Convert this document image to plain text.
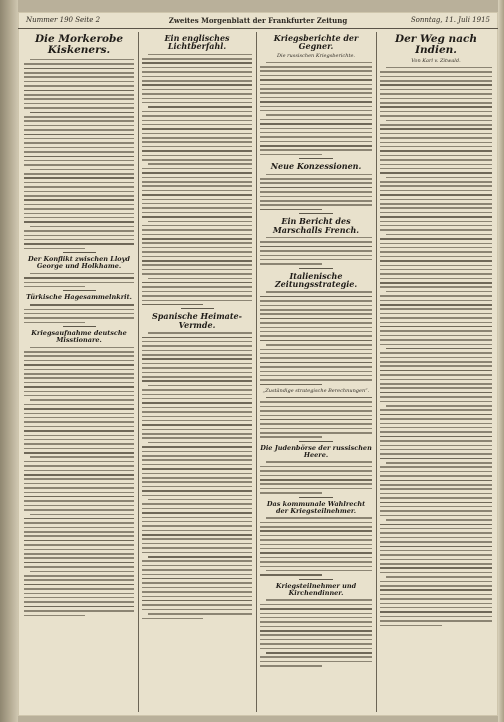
Nummer 190 Seite 2	Zweites Morgenblatt der Frankfurter Zeitung	Sonntag, 11. Juli 1915
Die Morkerobe Kiskeners.
Der Konflikt zwischen Lloyd George und Holkhame.
Türkische Hagesammelnkrit.
Kriegsaufnahme deutsche Misstionare.
Ein englisches Lichtberfahl.
Spanische Heimate-Vermde.
Kriegsberichte der Gegner.
Die russischen Kriegsberichte.
Neue Konzessionen.
Ein Bericht des Marschalls French.
Italienische Zeitungsstrategie.
„Zuständige strategische Berechnungen“.
Die Judenbörse der russischen Heere.
Das kommunale Wahlrecht der Kriegsteilnehmer.
Kriegsteilnehmer und Kirchendinner.
Der Weg nach Indien.
Von Karl v. Zitwald.
